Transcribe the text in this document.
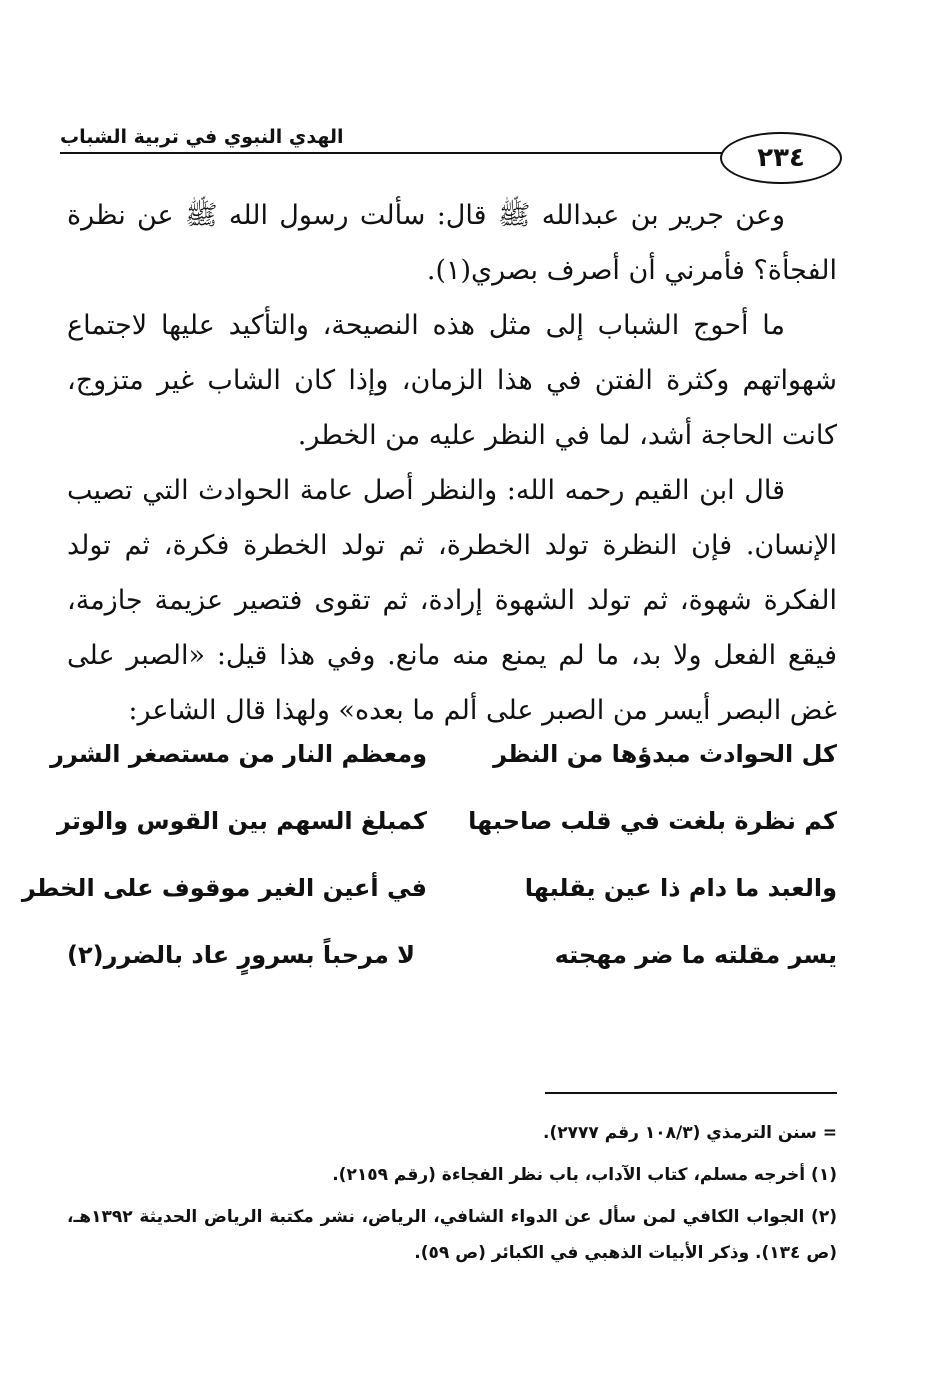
الهدي النبوي في تربية الشباب
٢٣٤

وعن جرير بن عبدالله ﷺ قال: سألت رسول الله ﷺ عن نظرة الفجأة؟ فأمرني أن أصرف بصري(١).

ما أحوج الشباب إلى مثل هذه النصيحة، والتأكيد عليها لاجتماع شهواتهم وكثرة الفتن في هذا الزمان، وإذا كان الشاب غير متزوج، كانت الحاجة أشد، لما في النظر عليه من الخطر.

قال ابن القيم رحمه الله: والنظر أصل عامة الحوادث التي تصيب الإنسان. فإن النظرة تولد الخطرة، ثم تولد الخطرة فكرة، ثم تولد الفكرة شهوة، ثم تولد الشهوة إرادة، ثم تقوى فتصير عزيمة جازمة، فيقع الفعل ولا بد، ما لم يمنع منه مانع. وفي هذا قيل: «الصبر على غض البصر أيسر من الصبر على ألم ما بعده» ولهذا قال الشاعر:

كل الحوادث مبدؤها من النظر
ومعظم النار من مستصغر الشرر
كم نظرة بلغت في قلب صاحبها
كمبلغ السهم بين القوس والوتر
والعبد ما دام ذا عين يقلبها
في أعين الغير موقوف على الخطر
يسر مقلته ما ضر مهجته
لا مرحباً بسرورٍ عاد بالضرر(٢)

= سنن الترمذي (١٠٨/٣ رقم ٢٧٧٧).

(١) أخرجه مسلم، كتاب الآداب، باب نظر الفجاءة (رقم ٢١٥٩).

(٢) الجواب الكافي لمن سأل عن الدواء الشافي، الرياض، نشر مكتبة الرياض الحديثة ١٣٩٢هـ، (ص ١٣٤). وذكر الأبيات الذهبي في الكبائر (ص ٥٩).
